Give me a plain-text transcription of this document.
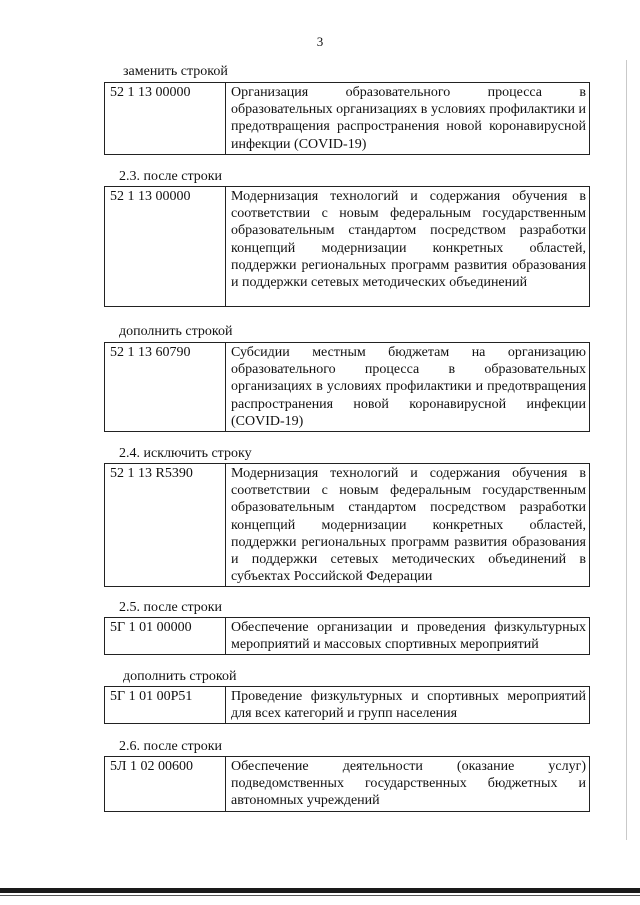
3
заменить строкой
52 1 13 00000	Организация образовательного процесса в образовательных организациях в условиях профилактики и предотвращения распространения новой коронавирусной инфекции (COVID-19)
2.3. после строки
52 1 13 00000	Модернизация технологий и содержания обучения в соответствии с новым федеральным государственным образовательным стандартом посредством разработки концепций модернизации конкретных областей, поддержки региональных программ развития образования и поддержки сетевых методических объединений
дополнить строкой
52 1 13 60790	Субсидии местным бюджетам на организацию образовательного процесса в образовательных организациях в условиях профилактики и предотвращения распространения новой коронавирусной инфекции (COVID-19)
2.4. исключить строку
52 1 13 R5390	Модернизация технологий и содержания обучения в соответствии с новым федеральным государственным образовательным стандартом посредством разработки концепций модернизации конкретных областей, поддержки региональных программ развития образования и поддержки сетевых методических объединений в субъектах Российской Федерации
2.5. после строки
5Г 1 01 00000	Обеспечение организации и проведения физкультурных мероприятий и массовых спортивных мероприятий
дополнить строкой
5Г 1 01 00Р51	Проведение физкультурных и спортивных мероприятий для всех категорий и групп населения
2.6. после строки
5Л 1 02 00600	Обеспечение деятельности (оказание услуг) подведомственных государственных бюджетных и автономных учреждений
